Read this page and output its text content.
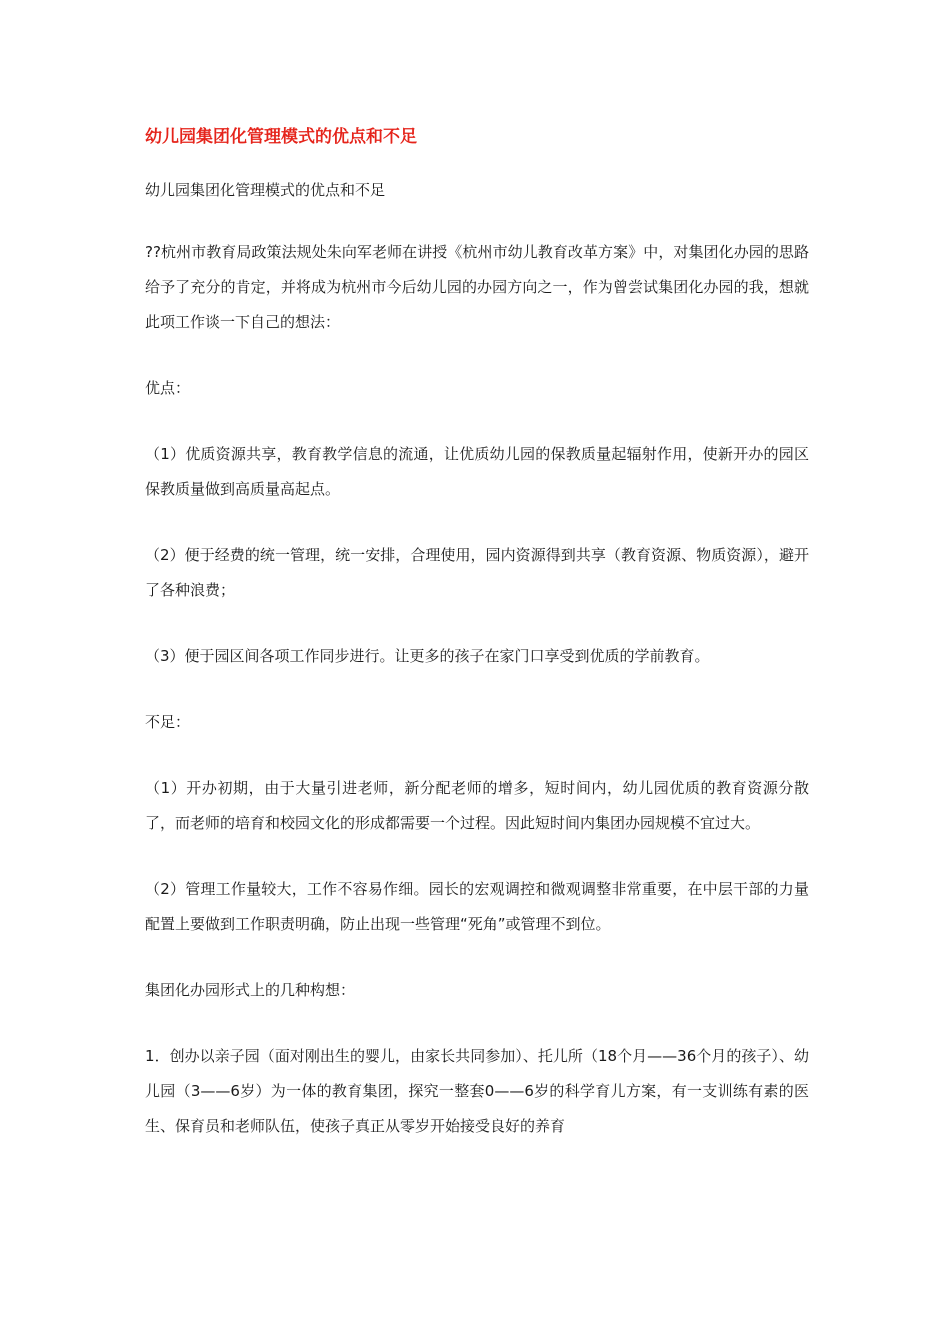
幼儿园集团化管理模式的优点和不足

幼儿园集团化管理模式的优点和不足

??杭州市教育局政策法规处朱向军老师在讲授《杭州市幼儿教育改革方案》中，对集团化办园的思路给予了充分的肯定，并将成为杭州市今后幼儿园的办园方向之一，作为曾尝试集团化办园的我，想就此项工作谈一下自己的想法：

优点：

（1）优质资源共享，教育教学信息的流通，让优质幼儿园的保教质量起辐射作用，使新开办的园区保教质量做到高质量高起点。

（2）便于经费的统一管理，统一安排，合理使用，园内资源得到共享（教育资源、物质资源），避开了各种浪费；

（3）便于园区间各项工作同步进行。让更多的孩子在家门口享受到优质的学前教育。

不足：

（1）开办初期，由于大量引进老师，新分配老师的增多，短时间内，幼儿园优质的教育资源分散了，而老师的培育和校园文化的形成都需要一个过程。因此短时间内集团办园规模不宜过大。

（2）管理工作量较大，工作不容易作细。园长的宏观调控和微观调整非常重要，在中层干部的力量配置上要做到工作职责明确，防止出现一些管理“死角”或管理不到位。

集团化办园形式上的几种构想：

1．创办以亲子园（面对刚出生的婴儿，由家长共同参加）、托儿所（18个月——36个月的孩子）、幼儿园（3——6岁）为一体的教育集团，探究一整套0——6岁的科学育儿方案，有一支训练有素的医生、保育员和老师队伍，使孩子真正从零岁开始接受良好的养育
